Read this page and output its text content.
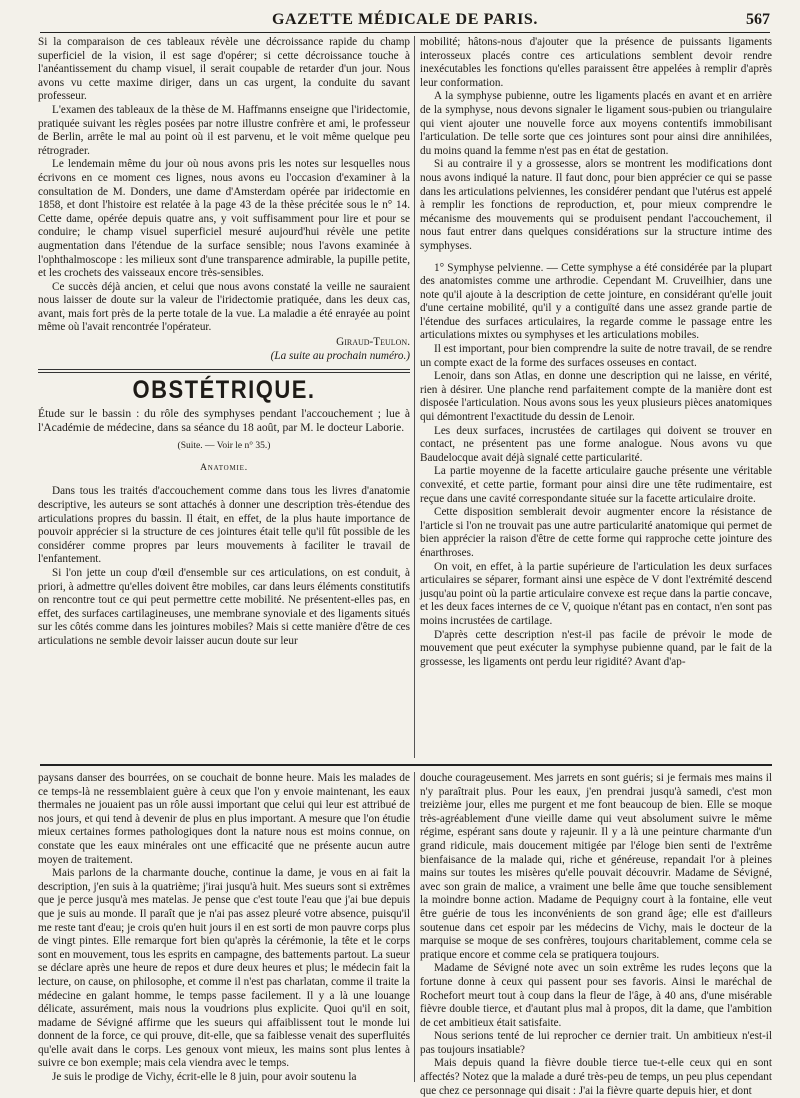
GAZETTE MÉDICALE DE PARIS.	567

Si la comparaison de ces tableaux révèle une décroissance rapide du champ superficiel de la vision, il est sage d'opérer; si cette décroissance touche à l'anéantissement du champ visuel, il serait coupable de retarder d'un jour. Nous avons vu cette maxime diriger, dans un cas urgent, la conduite du savant professeur.

L'examen des tableaux de la thèse de M. Haffmanns enseigne que l'iridectomie, pratiquée suivant les règles posées par notre illustre confrère et ami, le professeur de Berlin, arrête le mal au point où il est parvenu, et le voit même quelque peu rétrograder.

Le lendemain même du jour où nous avons pris les notes sur lesquelles nous écrivons en ce moment ces lignes, nous avons eu l'occasion d'examiner à la consultation de M. Donders, une dame d'Amsterdam opérée par iridectomie en 1858, et dont l'histoire est relatée à la page 43 de la thèse précitée sous le n° 14. Cette dame, opérée depuis quatre ans, y voit suffisamment pour lire et pour se conduire; le champ visuel superficiel mesuré aujourd'hui révèle une petite augmentation dans l'étendue de la surface sensible; nous l'avons examinée à l'ophthalmoscope : les milieux sont d'une transparence admirable, la pupille petite, et les crochets des vaisseaux encore très-sensibles.

Ce succès déjà ancien, et celui que nous avons constaté la veille ne sauraient nous laisser de doute sur la valeur de l'iridectomie pratiquée, dans les deux cas, avant, mais fort près de la perte totale de la vue. La maladie a été enrayée au point même où l'avait rencontrée l'opérateur.

Giraud-Teulon.
(La suite au prochain numéro.)
OBSTÉTRIQUE.

Étude sur le bassin : du rôle des symphyses pendant l'accouchement ; lue à l'Académie de médecine, dans sa séance du 18 août, par M. le docteur Laborie.

(Suite. — Voir le n° 35.)
Anatomie.

Dans tous les traités d'accouchement comme dans tous les livres d'anatomie descriptive, les auteurs se sont attachés à donner une description très-étendue des articulations propres du bassin. Il était, en effet, de la plus haute importance de pouvoir apprécier si la structure de ces jointures était telle qu'il fût possible de les considérer comme propres par leurs mouvements à faciliter le travail de l'enfantement.

Si l'on jette un coup d'œil d'ensemble sur ces articulations, on est conduit, à priori, à admettre qu'elles doivent être mobiles, car dans leurs éléments constitutifs on rencontre tout ce qui peut permettre cette mobilité. Ne présentent-elles pas, en effet, des surfaces cartilagineuses, une membrane synoviale et des ligaments situés sur les côtés comme dans les jointures mobiles? Mais si cette manière d'être de ces articulations ne semble devoir laisser aucun doute sur leur

mobilité; hâtons-nous d'ajouter que la présence de puissants ligaments interosseux placés contre ces articulations semblent devoir rendre inexécutables les fonctions qu'elles paraissent être appelées à remplir d'après leur conformation.

A la symphyse pubienne, outre les ligaments placés en avant et en arrière de la symphyse, nous devons signaler le ligament sous-pubien ou triangulaire qui vient ajouter une nouvelle force aux moyens contentifs immobilisant l'articulation. De telle sorte que ces jointures sont pour ainsi dire annihilées, du moins quand la femme n'est pas en état de gestation.

Si au contraire il y a grossesse, alors se montrent les modifications dont nous avons indiqué la nature. Il faut donc, pour bien apprécier ce qui se passe dans les articulations pelviennes, les considérer pendant que l'utérus est appelé à remplir les fonctions de reproduction, et, pour mieux comprendre le mécanisme des mouvements qui se produisent pendant l'accouchement, il nous faut entrer dans quelques considérations sur la structure intime des symphyses.

1° Symphyse pelvienne. — Cette symphyse a été considérée par la plupart des anatomistes comme une arthrodie. Cependant M. Cruveilhier, dans une note qu'il ajoute à la description de cette jointure, en considérant qu'elle jouit d'une certaine mobilité, qu'il y a contiguïté dans une assez grande partie de l'étendue des surfaces articulaires, la regarde comme le passage entre les articulations mixtes ou symphyses et les articulations mobiles.

Il est important, pour bien comprendre la suite de notre travail, de se rendre un compte exact de la forme des surfaces osseuses en contact.

Lenoir, dans son Atlas, en donne une description qui ne laisse, en vérité, rien à désirer. Une planche rend parfaitement compte de la manière dont est disposée l'articulation. Nous avons sous les yeux plusieurs pièces anatomiques qui démontrent l'exactitude du dessin de Lenoir.

Les deux surfaces, incrustées de cartilages qui doivent se trouver en contact, ne présentent pas une forme analogue. Nous avons vu que Baudelocque avait déjà signalé cette particularité.

La partie moyenne de la facette articulaire gauche présente une véritable convexité, et cette partie, formant pour ainsi dire une tête rudimentaire, est reçue dans une cavité correspondante située sur la facette articulaire droite.

Cette disposition semblerait devoir augmenter encore la résistance de l'article si l'on ne trouvait pas une autre particularité anatomique qui permet de bien apprécier la raison d'être de cette forme qui rapproche cette jointure des énarthroses.

On voit, en effet, à la partie supérieure de l'articulation les deux surfaces articulaires se séparer, formant ainsi une espèce de V dont l'extrémité descend jusqu'au point où la partie articulaire convexe est reçue dans la partie concave, et les deux faces internes de ce V, quoique n'étant pas en contact, n'en sont pas moins incrustées de cartilage.

D'après cette description n'est-il pas facile de prévoir le mode de mouvement que peut exécuter la symphyse pubienne quand, par le fait de la grossesse, les ligaments ont perdu leur rigidité? Avant d'ap-

paysans danser des bourrées, on se couchait de bonne heure. Mais les malades de ce temps-là ne ressemblaient guère à ceux que l'on y envoie maintenant, les eaux thermales ne jouaient pas un rôle aussi important que celui qui leur est attribué de nos jours, et qui tend à devenir de plus en plus important. A mesure que l'on étudie mieux certaines formes pathologiques dont la nature nous est moins connue, on constate que les eaux minérales ont une efficacité que ne présente aucun autre moyen de traitement.

Mais parlons de la charmante douche, continue la dame, je vous en ai fait la description, j'en suis à la quatrième; j'irai jusqu'à huit. Mes sueurs sont si extrêmes que je perce jusqu'à mes matelas. Je pense que c'est toute l'eau que j'ai bue depuis que je suis au monde. Il paraît que je n'ai pas assez pleuré votre absence, puisqu'il me reste tant d'eau; je crois qu'en huit jours il en est sorti de mon pauvre corps plus de vingt pintes. Elle remarque fort bien qu'après la cérémonie, la tête et le corps sont en mouvement, tous les esprits en campagne, des battements partout. La sueur se déclare après une heure de repos et dure deux heures et plus; le médecin fait la lecture, on cause, on philosophe, et comme il n'est pas charlatan, comme il traite la médecine en galant homme, le temps passe facilement. Il y a là une louange délicate, assurément, mais nous la voudrions plus explicite. Quoi qu'il en soit, madame de Sévigné affirme que les sueurs qui affaiblissent tout le monde lui donnent de la force, ce qui prouve, dit-elle, que sa faiblesse venait des superfluités qu'elle avait dans le corps. Les genoux vont mieux, les mains sont plus lentes à suivre ce bon exemple; mais cela viendra avec le temps.

Je suis le prodige de Vichy, écrit-elle le 8 juin, pour avoir soutenu la

douche courageusement. Mes jarrets en sont guéris; si je fermais mes mains il n'y paraîtrait plus. Pour les eaux, j'en prendrai jusqu'à samedi, c'est mon treizième jour, elles me purgent et me font beaucoup de bien. Elle se moque très-agréablement d'une vieille dame qui veut absolument suivre le même régime, espérant sans doute y rajeunir. Il y a là une peinture charmante d'un grand ridicule, mais doucement mitigée par l'éloge bien senti de l'extrême bienfaisance de la malade qui, riche et généreuse, repandait l'or à pleines mains sur toutes les misères qu'elle pouvait découvrir. Madame de Sévigné, avec son grain de malice, a vraiment une belle âme que touche sensiblement la moindre bonne action. Madame de Pequigny court à la fontaine, elle veut être guérie de tous les inconvénients de son grand âge; elle est d'ailleurs soutenue dans cet espoir par les médecins de Vichy, mais le docteur de la marquise se moque de ses confrères, toujours charitablement, comme cela se pratique encore et comme cela se pratiquera toujours.

Madame de Sévigné note avec un soin extrême les rudes leçons que la fortune donne à ceux qui passent pour ses favoris. Ainsi le maréchal de Rochefort meurt tout à coup dans la fleur de l'âge, à 40 ans, d'une misérable fièvre double tierce, et d'autant plus mal à propos, dit la dame, que l'ambition de cet ambitieux était satisfaite.

Nous serions tenté de lui reprocher ce dernier trait. Un ambitieux n'est-il pas toujours insatiable?

Mais depuis quand la fièvre double tierce tue-t-elle ceux qui en sont affectés? Notez que la malade a duré très-peu de temps, un peu plus cependant que chez ce personnage qui disait : J'ai la fièvre quarte depuis hier, et dont
